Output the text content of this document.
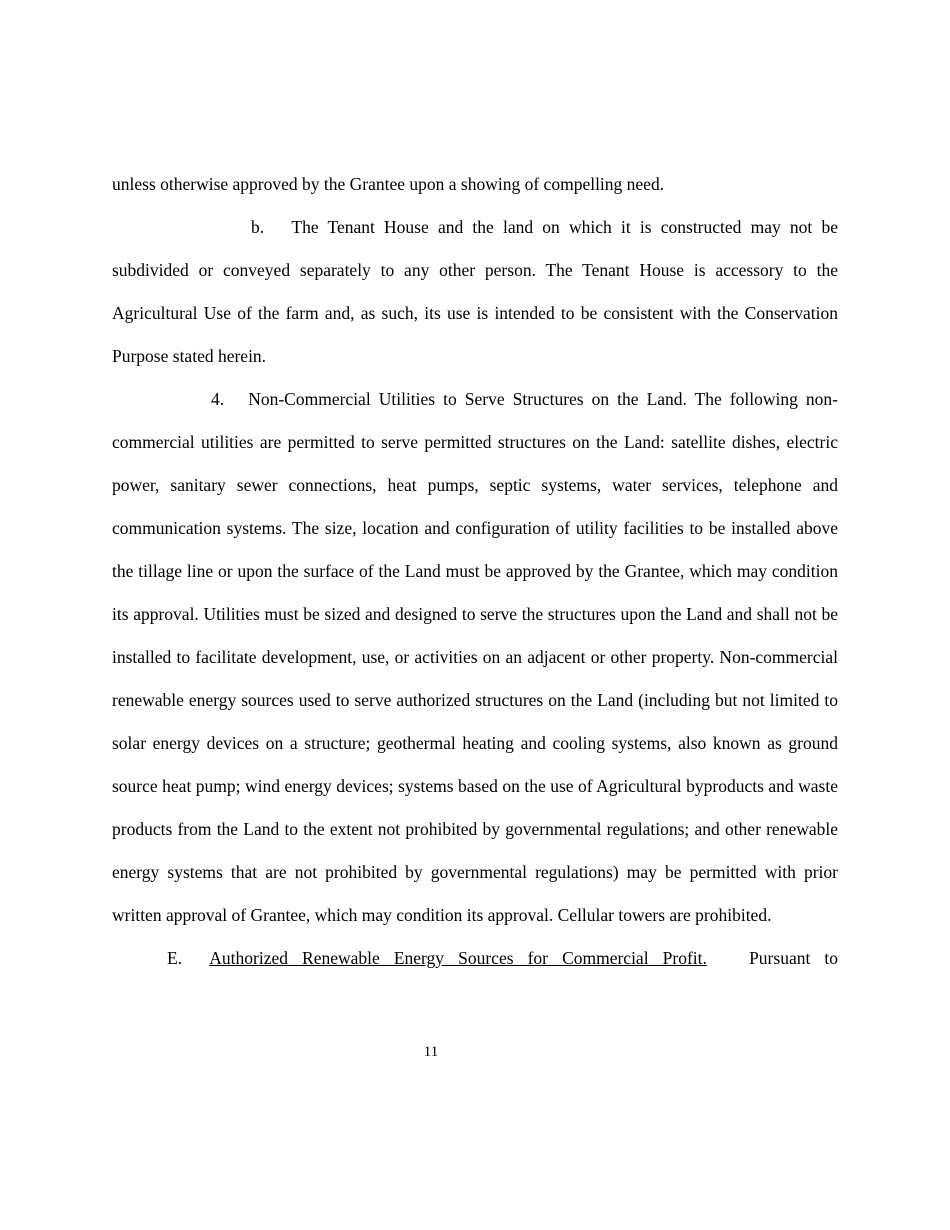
unless otherwise approved by the Grantee upon a showing of compelling need.

b. The Tenant House and the land on which it is constructed may not be subdivided or conveyed separately to any other person. The Tenant House is accessory to the Agricultural Use of the farm and, as such, its use is intended to be consistent with the Conservation Purpose stated herein.

4. Non-Commercial Utilities to Serve Structures on the Land. The following non-commercial utilities are permitted to serve permitted structures on the Land: satellite dishes, electric power, sanitary sewer connections, heat pumps, septic systems, water services, telephone and communication systems. The size, location and configuration of utility facilities to be installed above the tillage line or upon the surface of the Land must be approved by the Grantee, which may condition its approval. Utilities must be sized and designed to serve the structures upon the Land and shall not be installed to facilitate development, use, or activities on an adjacent or other property. Non-commercial renewable energy sources used to serve authorized structures on the Land (including but not limited to solar energy devices on a structure; geothermal heating and cooling systems, also known as ground source heat pump; wind energy devices; systems based on the use of Agricultural byproducts and waste products from the Land to the extent not prohibited by governmental regulations; and other renewable energy systems that are not prohibited by governmental regulations) may be permitted with prior written approval of Grantee, which may condition its approval. Cellular towers are prohibited.

E. Authorized Renewable Energy Sources for Commercial Profit. Pursuant to

11
